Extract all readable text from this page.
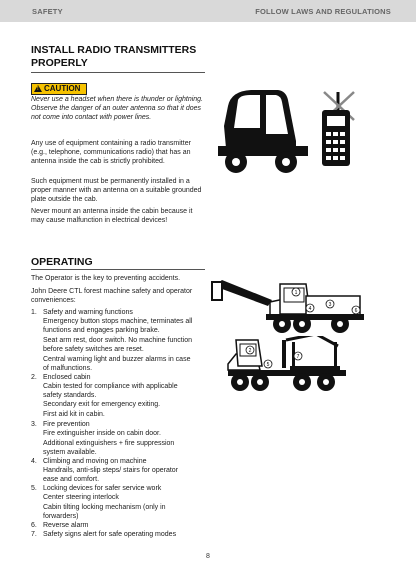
SAFETY	FOLLOW LAWS AND REGULATIONS
INSTALL RADIO TRANSMITTERS PROPERLY
! CAUTION

Never use a headset when there is thunder or lightning. Observe the danger of an outer antenna so that it does not come into contact with power lines.

Any use of equipment containing a radio transmitter (e.g., telephone, communications radio) that has an antenna inside the cab is strictly prohibited.

Such equipment must be permanently installed in a proper manner with an antenna on a suitable grounded plate outside the cab.

Never mount an antenna inside the cabin because it may cause malfunction in electrical devices!

OPERATING

The Operator is the key to preventing accidents.

John Deere CTL forest machine safety and operator conveniences:

1. Safety and warning functions
Emergency button stops machine, terminates all functions and engages parking brake.
Seat arm rest, door switch. No machine function before safety switches are reset.
Central warning light and buzzer alarms in case of malfunctions.
2. Enclosed cabin
Cabin tested for compliance with applicable safety standards.
Secondary exit for emergency exiting.
First aid kit in cabin.
3. Fire prevention
Fire extinguisher inside on cabin door.
Additional extinguishers + fire suppression system available.
4. Climbing and moving on machine
Handrails, anti-slip steps/ stairs for operator ease and comfort.
5. Locking devices for safer service work
Center steering interlock
Cabin tilting locking mechanism (only in forwarders)
6. Reverse alarm
7. Safety signs alert for safe operating modes
1
4
3
6
2
5
7
8
